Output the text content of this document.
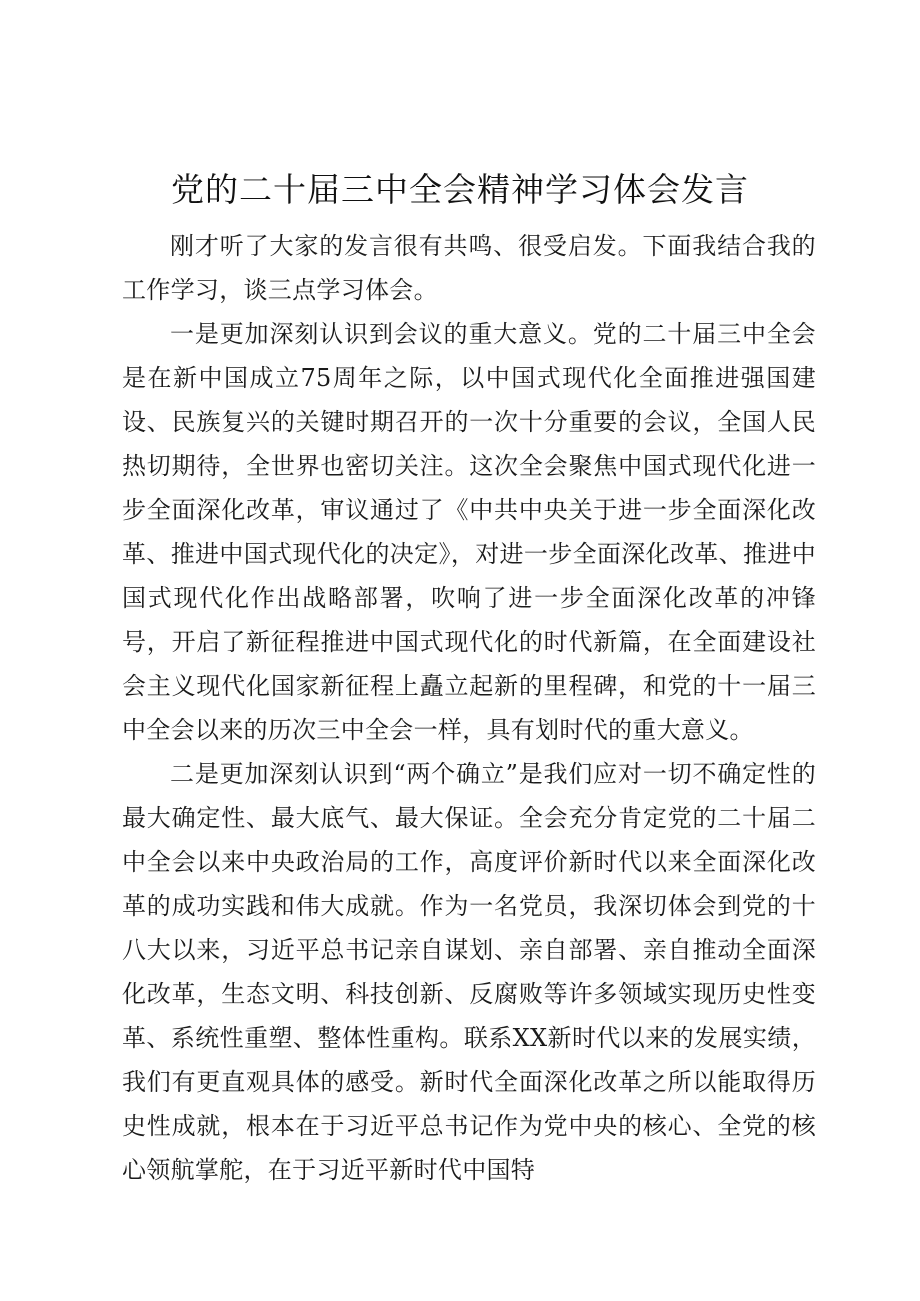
党的二十届三中全会精神学习体会发言

刚才听了大家的发言很有共鸣、很受启发。下面我结合我的工作学习，谈三点学习体会。

一是更加深刻认识到会议的重大意义。党的二十届三中全会是在新中国成立75周年之际，以中国式现代化全面推进强国建设、民族复兴的关键时期召开的一次十分重要的会议，全国人民热切期待，全世界也密切关注。这次全会聚焦中国式现代化进一步全面深化改革，审议通过了《中共中央关于进一步全面深化改革、推进中国式现代化的决定》，对进一步全面深化改革、推进中国式现代化作出战略部署，吹响了进一步全面深化改革的冲锋号，开启了新征程推进中国式现代化的时代新篇，在全面建设社会主义现代化国家新征程上矗立起新的里程碑，和党的十一届三中全会以来的历次三中全会一样，具有划时代的重大意义。

二是更加深刻认识到“两个确立”是我们应对一切不确定性的最大确定性、最大底气、最大保证。全会充分肯定党的二十届二中全会以来中央政治局的工作，高度评价新时代以来全面深化改革的成功实践和伟大成就。作为一名党员，我深切体会到党的十八大以来，习近平总书记亲自谋划、亲自部署、亲自推动全面深化改革，生态文明、科技创新、反腐败等许多领域实现历史性变革、系统性重塑、整体性重构。联系XX新时代以来的发展实绩，我们有更直观具体的感受。新时代全面深化改革之所以能取得历史性成就，根本在于习近平总书记作为党中央的核心、全党的核心领航掌舵，在于习近平新时代中国特
